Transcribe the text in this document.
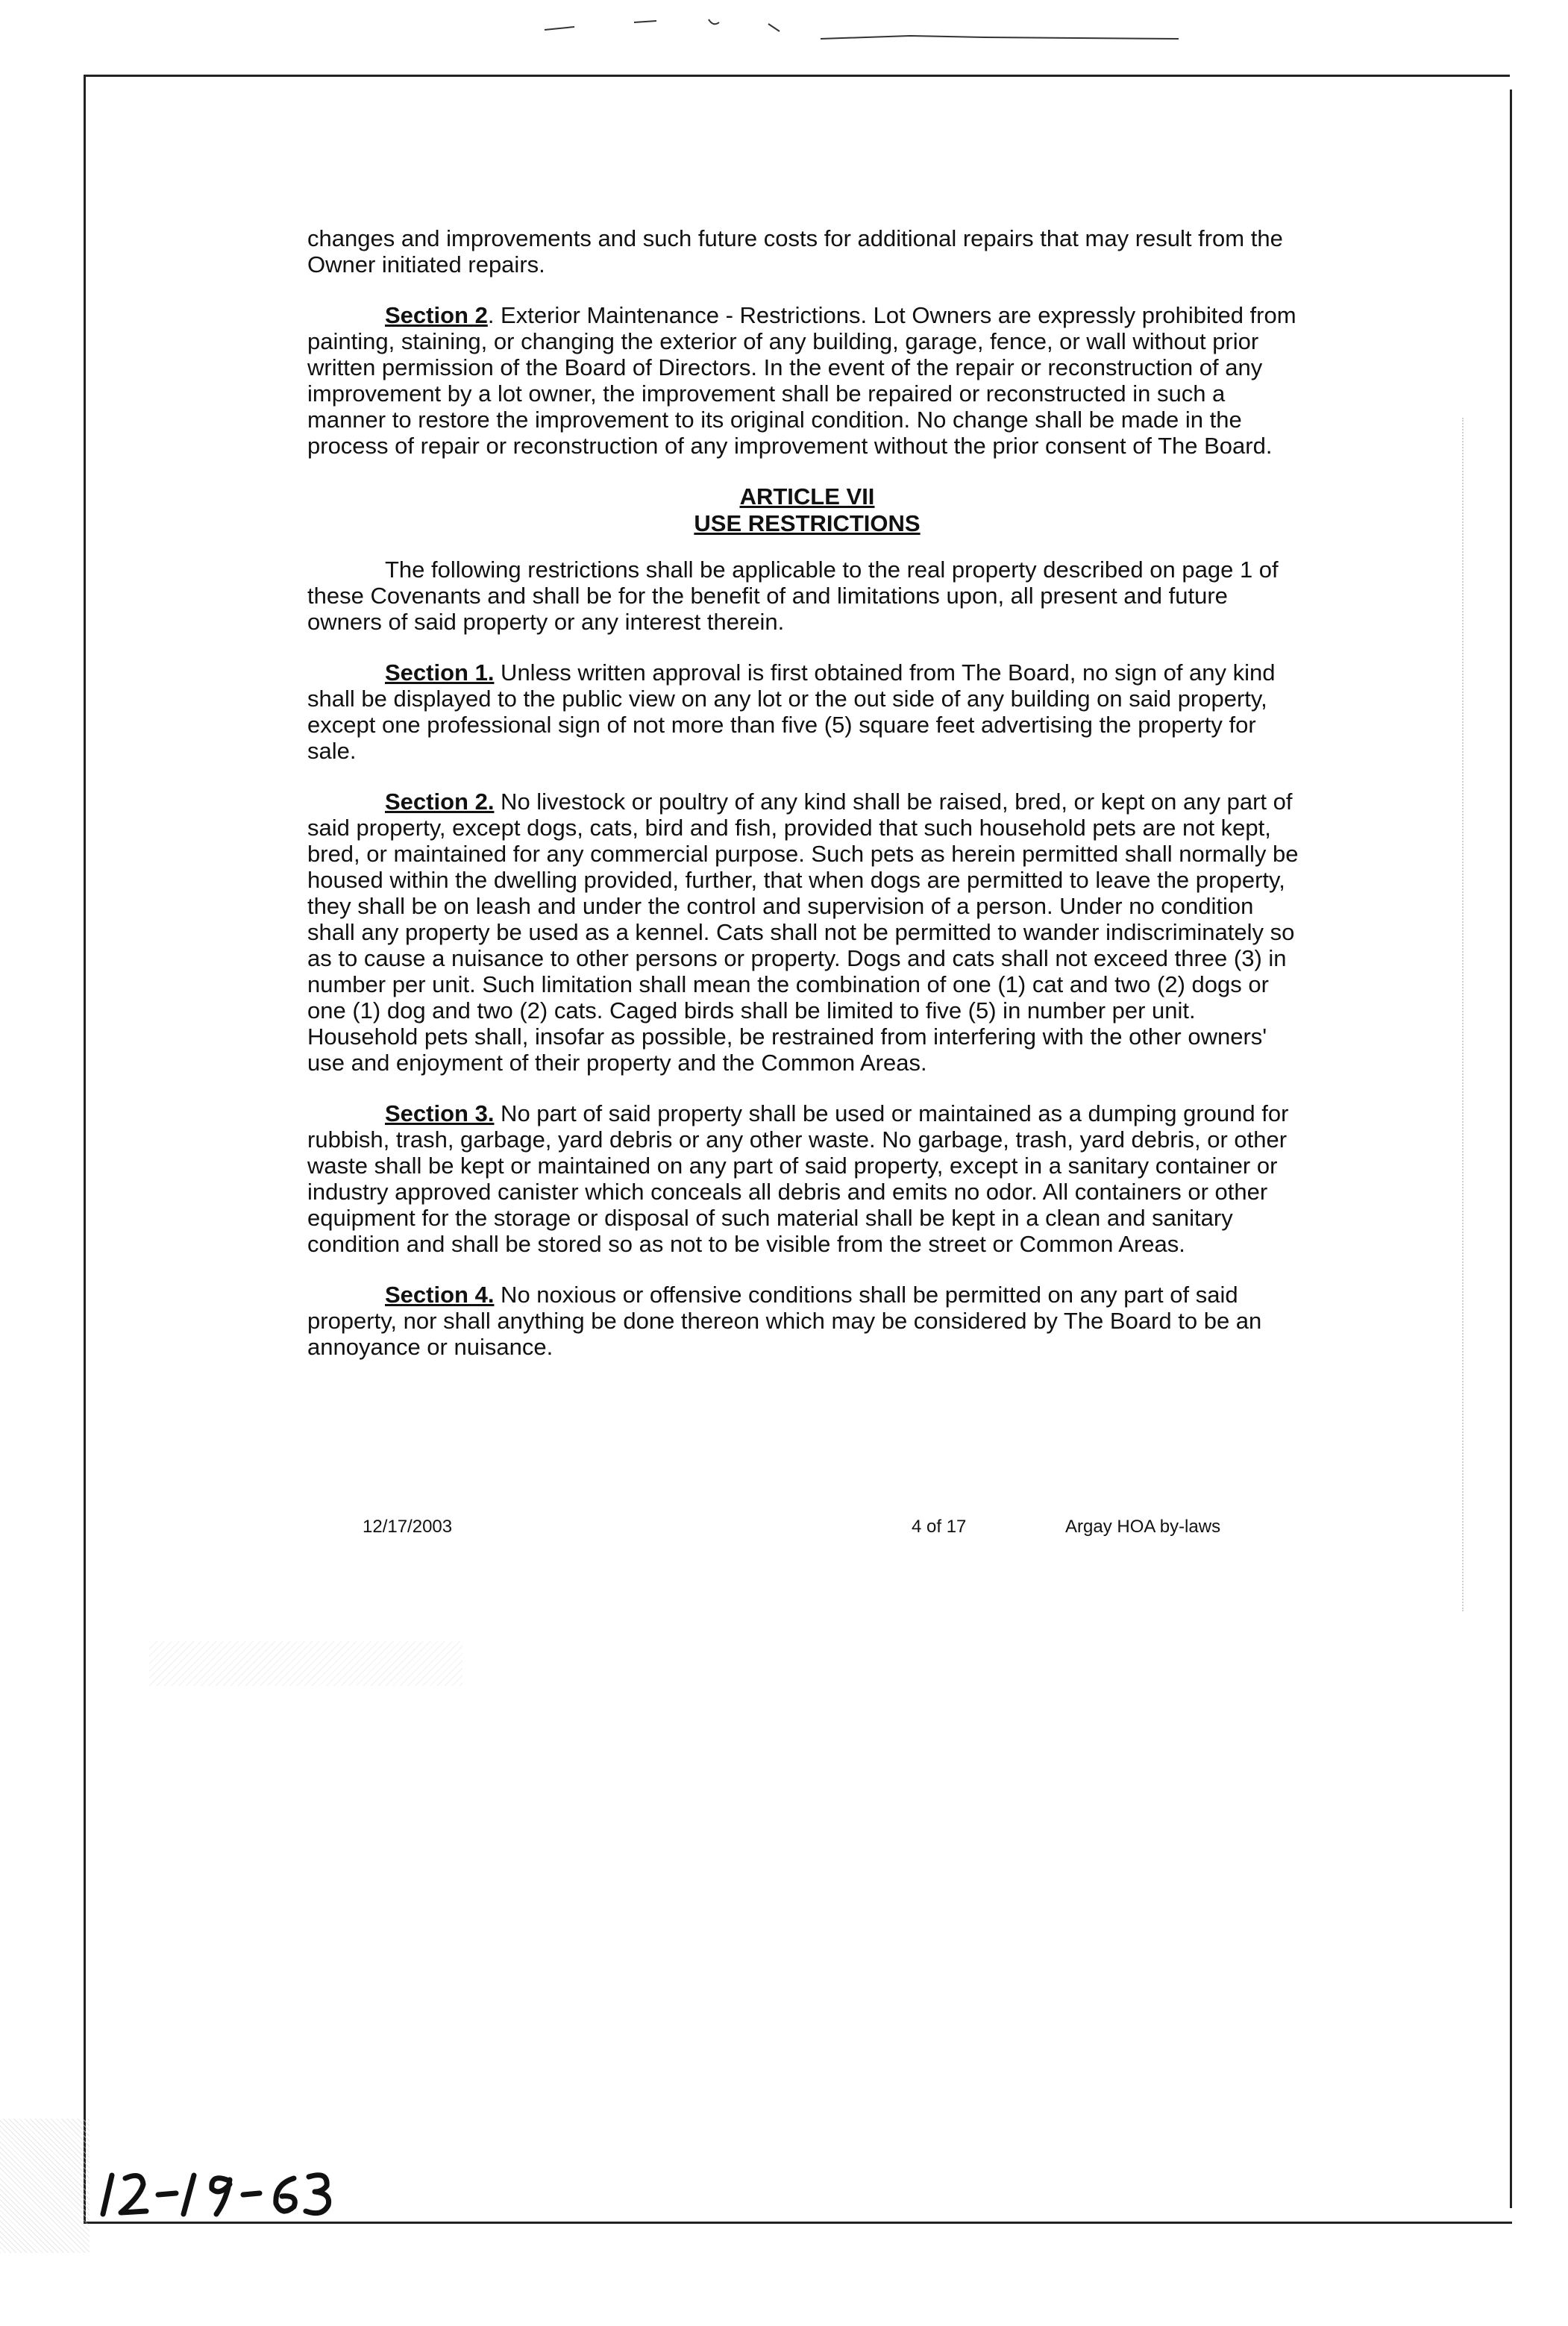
changes and improvements and such future costs for additional repairs that may result from the Owner initiated repairs.

Section 2. Exterior Maintenance - Restrictions. Lot Owners are expressly prohibited from painting, staining, or changing the exterior of any building, garage, fence, or wall without prior written permission of the Board of Directors. In the event of the repair or reconstruction of any improvement by a lot owner, the improvement shall be repaired or reconstructed in such a manner to restore the improvement to its original condition. No change shall be made in the process of repair or reconstruction of any improvement without the prior consent of The Board.

ARTICLE VII
USE RESTRICTIONS

The following restrictions shall be applicable to the real property described on page 1 of these Covenants and shall be for the benefit of and limitations upon, all present and future owners of said property or any interest therein.

Section 1. Unless written approval is first obtained from The Board, no sign of any kind shall be displayed to the public view on any lot or the out side of any building on said property, except one professional sign of not more than five (5) square feet advertising the property for sale.

Section 2. No livestock or poultry of any kind shall be raised, bred, or kept on any part of said property, except dogs, cats, bird and fish, provided that such household pets are not kept, bred, or maintained for any commercial purpose. Such pets as herein permitted shall normally be housed within the dwelling provided, further, that when dogs are permitted to leave the property, they shall be on leash and under the control and supervision of a person. Under no condition shall any property be used as a kennel. Cats shall not be permitted to wander indiscriminately so as to cause a nuisance to other persons or property. Dogs and cats shall not exceed three (3) in number per unit. Such limitation shall mean the combination of one (1) cat and two (2) dogs or one (1) dog and two (2) cats. Caged birds shall be limited to five (5) in number per unit. Household pets shall, insofar as possible, be restrained from interfering with the other owners' use and enjoyment of their property and the Common Areas.

Section 3. No part of said property shall be used or maintained as a dumping ground for rubbish, trash, garbage, yard debris or any other waste. No garbage, trash, yard debris, or other waste shall be kept or maintained on any part of said property, except in a sanitary container or industry approved canister which conceals all debris and emits no odor. All containers or other equipment for the storage or disposal of such material shall be kept in a clean and sanitary condition and shall be stored so as not to be visible from the street or Common Areas.

Section 4. No noxious or offensive conditions shall be permitted on any part of said property, nor shall anything be done thereon which may be considered by The Board to be an annoyance or nuisance.

12/17/2003	4 of 17	Argay HOA by-laws
